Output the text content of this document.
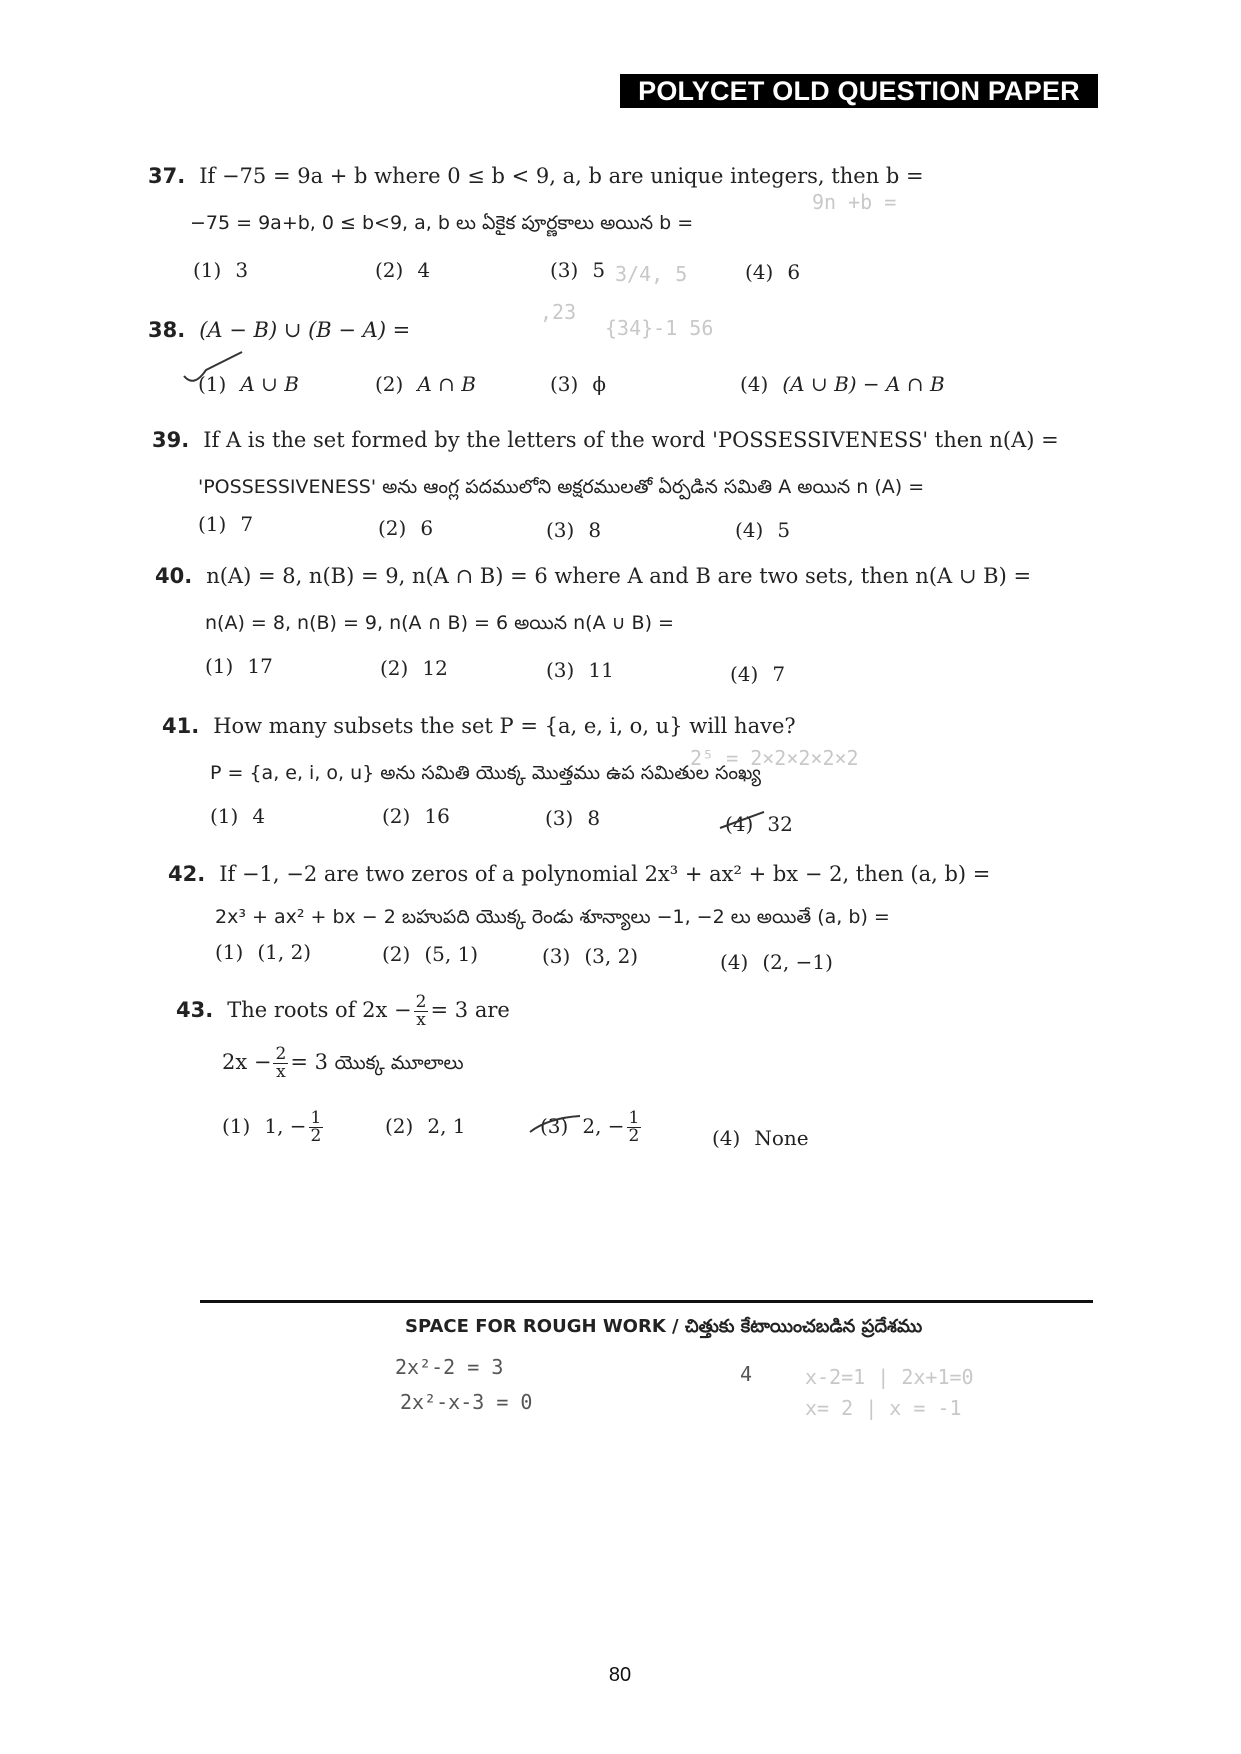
POLYCET OLD QUESTION PAPER
37. If −75 = 9a + b where 0 ≤ b < 9, a, b are unique integers, then b =
−75 = 9a+b, 0 ≤ b<9, a, b లు ఏకైక పూర్ణకాలు అయిన b =
(1) 3	(2) 4	(3) 5	(4) 6
38. (A − B) ∪ (B − A) =
(1) A ∪ B	(2) A ∩ B	(3) ϕ	(4) (A ∪ B) − A ∩ B
39. If A is the set formed by the letters of the word 'POSSESSIVENESS' then n(A) =
'POSSESSIVENESS' అను ఆంగ్ల పదములోని అక్షరములతో ఏర్పడిన సమితి A అయిన n (A) =
(1) 7	(2) 6	(3) 8	(4) 5
40. n(A) = 8, n(B) = 9, n(A ∩ B) = 6 where A and B are two sets, then n(A ∪ B) =
n(A) = 8, n(B) = 9, n(A ∩ B) = 6 అయిన n(A ∪ B) =
(1) 17	(2) 12	(3) 11	(4) 7
41. How many subsets the set P = {a, e, i, o, u} will have?
P = {a, e, i, o, u} అను సమితి యొక్క మొత్తము ఉప సమితుల సంఖ్య
(1) 4	(2) 16	(3) 8	(4) 32
42. If −1, −2 are two zeros of a polynomial 2x³ + ax² + bx − 2, then (a, b) =
2x³ + ax² + bx − 2 బహుపది యొక్క రెండు శూన్యాలు −1, −2 లు అయితే (a, b) =
(1) (1, 2)	(2) (5, 1)	(3) (3, 2)	(4) (2, −1)
43. The roots of $2x - \frac{2}{x} = 3$ are
$2x - \frac{2}{x} = 3$ యొక్క మూలాలు
(1) 1, − $\frac{1}{2}$	(2) 2, 1	(3) 2, − $\frac{1}{2}$	(4) None
9n +b =
3/4, 5
,23
{34}-1 56
2⁵ = 2×2×2×2×2
SPACE FOR ROUGH WORK / చిత్తుకు కేటాయించబడిన ప్రదేశము
2x²-2 = 3
2x²-x-3 = 0
4	x-2=1 | 2x+1=0
x= 2 | x = -1
80
